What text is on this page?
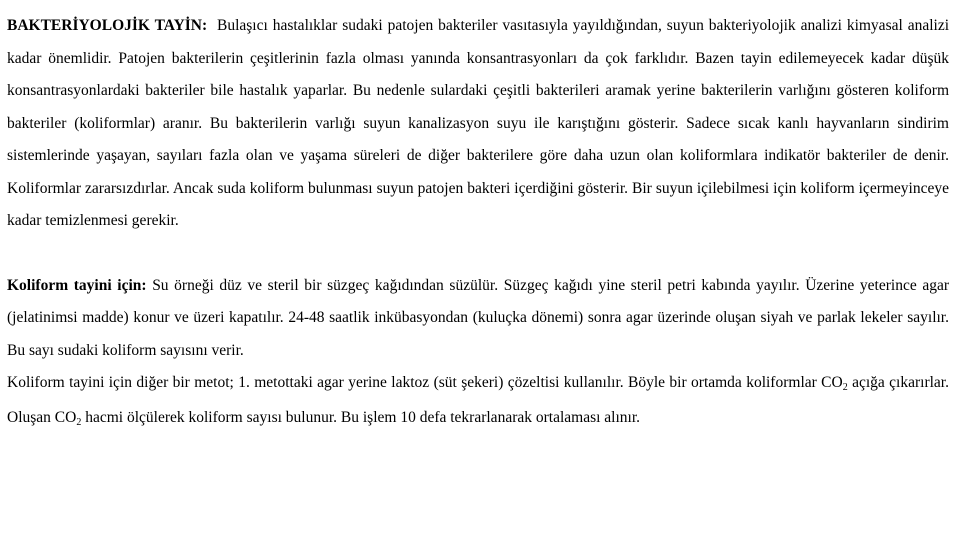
BAKTERİYOLOJİK TAYİN: Bulaşıcı hastalıklar sudaki patojen bakteriler vasıtasıyla yayıldığından, suyun bakteriyolojik analizi kimyasal analizi kadar önemlidir. Patojen bakterilerin çeşitlerinin fazla olması yanında konsantrasyonları da çok farklıdır. Bazen tayin edilemeyecek kadar düşük konsantrasyonlardaki bakteriler bile hastalık yaparlar. Bu nedenle sulardaki çeşitli bakterileri aramak yerine bakterilerin varlığını gösteren koliform bakteriler (koliformlar) aranır. Bu bakterilerin varlığı suyun kanalizasyon suyu ile karıştığını gösterir. Sadece sıcak kanlı hayvanların sindirim sistemlerinde yaşayan, sayıları fazla olan ve yaşama süreleri de diğer bakterilere göre daha uzun olan koliformlara indikatör bakteriler de denir. Koliformlar zararsızdırlar. Ancak suda koliform bulunması suyun patojen bakteri içerdiğini gösterir. Bir suyun içilebilmesi için koliform içermeyinceye kadar temizlenmesi gerekir.

Koliform tayini için: Su örneği düz ve steril bir süzgeç kağıdından süzülür. Süzgeç kağıdı yine steril petri kabında yayılır. Üzerine yeterince agar (jelatinimsi madde) konur ve üzeri kapatılır. 24-48 saatlik inkübasyondan (kuluçka dönemi) sonra agar üzerinde oluşan siyah ve parlak lekeler sayılır. Bu sayı sudaki koliform sayısını verir.

Koliform tayini için diğer bir metot; 1. metottaki agar yerine laktoz (süt şekeri) çözeltisi kullanılır. Böyle bir ortamda koliformlar $CO_2$ açığa çıkarırlar. Oluşan $CO_2$ hacmi ölçülerek koliform sayısı bulunur. Bu işlem 10 defa tekrarlanarak ortalaması alınır.
